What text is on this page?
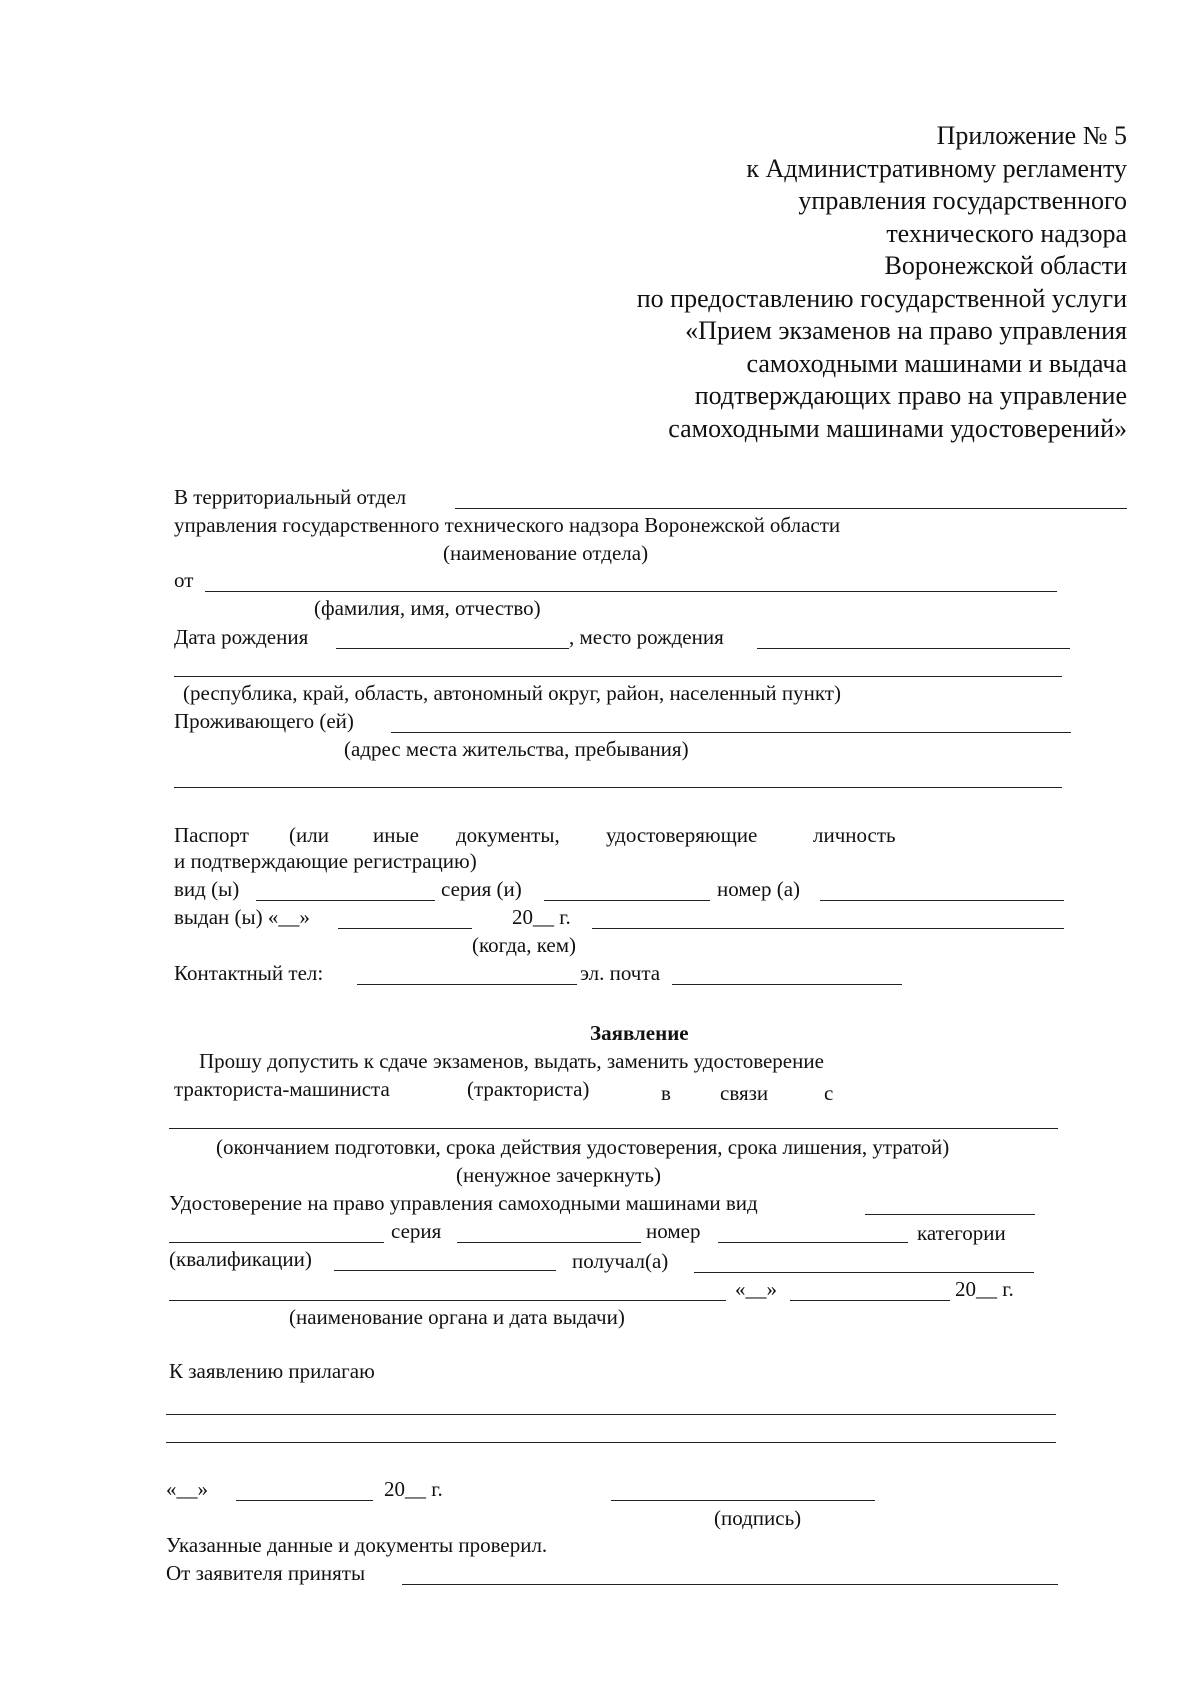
Приложение № 5
к Административному регламенту
управления государственного
технического надзора
Воронежской области
по предоставлению государственной услуги
«Прием экзаменов на право управления
самоходными машинами и выдача
подтверждающих право на управление
самоходными машинами удостоверений»
В территориальный отдел
управления государственного технического надзора Воронежской области
(наименование отдела)
от
(фамилия, имя, отчество)
Дата рождения	, место рождения
(республика, край, область, автономный округ, район, населенный пункт)
Проживающего (ей)
(адрес места жительства, пребывания)
Паспорт (или иные документы, удостоверяющие	личность
и подтверждающие регистрацию)
вид (ы)	серия (и)	номер (а)
выдан (ы) «__»	20__ г.
(когда, кем)
Контактный тел:	эл. почта
Заявление
Прошу допустить к сдаче экзаменов, выдать, заменить удостоверение
тракториста-машиниста	(тракториста)	в связи	с
(окончанием подготовки, срока действия удостоверения, срока лишения, утратой)
(ненужное зачеркнуть)
Удостоверение на право управления самоходными машинами вид
серия	номер	категории
(квалификации)	получал(а)
«__»	20__ г.
(наименование органа и дата выдачи)
К заявлению прилагаю
«__»	20__ г.
(подпись)
Указанные данные и документы проверил.
От заявителя приняты
